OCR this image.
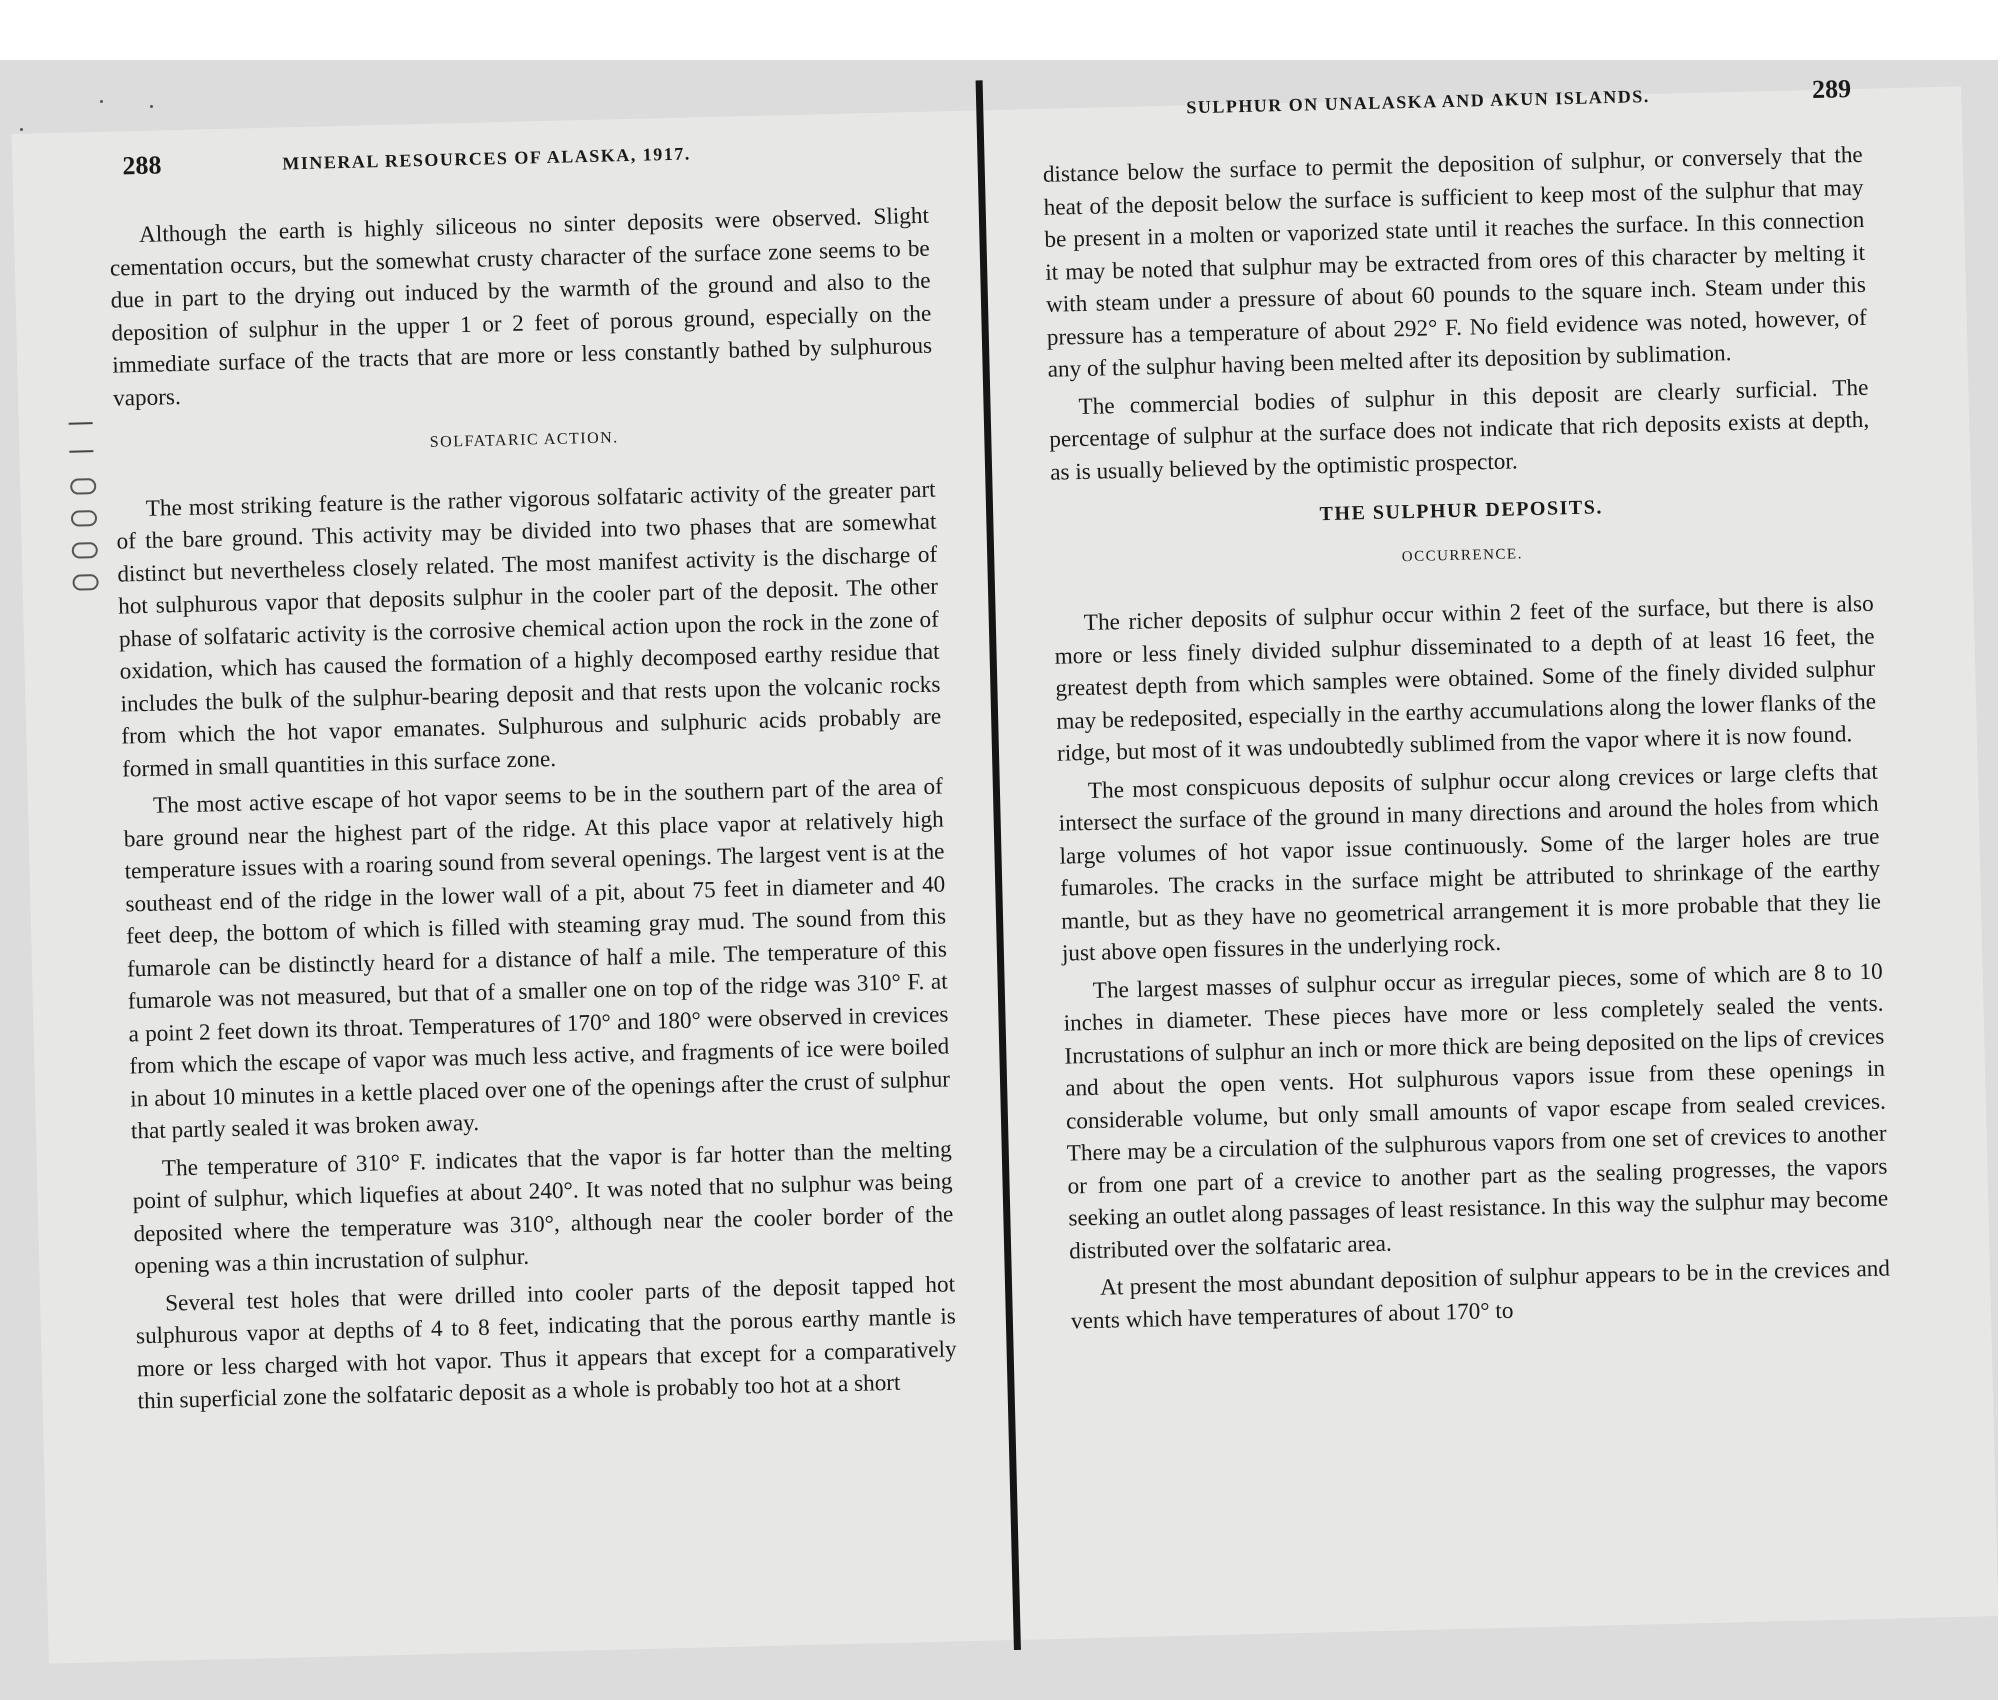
288	MINERAL RESOURCES OF ALASKA, 1917.

Although the earth is highly siliceous no sinter deposits were observed. Slight cementation occurs, but the somewhat crusty character of the surface zone seems to be due in part to the drying out induced by the warmth of the ground and also to the deposition of sulphur in the upper 1 or 2 feet of porous ground, especially on the immediate surface of the tracts that are more or less constantly bathed by sulphurous vapors.

SOLFATARIC ACTION.

The most striking feature is the rather vigorous solfataric activity of the greater part of the bare ground. This activity may be divided into two phases that are somewhat distinct but nevertheless closely related. The most manifest activity is the discharge of hot sulphurous vapor that deposits sulphur in the cooler part of the deposit. The other phase of solfataric activity is the corrosive chemical action upon the rock in the zone of oxidation, which has caused the formation of a highly decomposed earthy residue that includes the bulk of the sulphur-bearing deposit and that rests upon the volcanic rocks from which the hot vapor emanates. Sulphurous and sulphuric acids probably are formed in small quantities in this surface zone.

The most active escape of hot vapor seems to be in the southern part of the area of bare ground near the highest part of the ridge. At this place vapor at relatively high temperature issues with a roaring sound from several openings. The largest vent is at the southeast end of the ridge in the lower wall of a pit, about 75 feet in diameter and 40 feet deep, the bottom of which is filled with steaming gray mud. The sound from this fumarole can be distinctly heard for a distance of half a mile. The temperature of this fumarole was not measured, but that of a smaller one on top of the ridge was 310° F. at a point 2 feet down its throat. Temperatures of 170° and 180° were observed in crevices from which the escape of vapor was much less active, and fragments of ice were boiled in about 10 minutes in a kettle placed over one of the openings after the crust of sulphur that partly sealed it was broken away.

The temperature of 310° F. indicates that the vapor is far hotter than the melting point of sulphur, which liquefies at about 240°. It was noted that no sulphur was being deposited where the temperature was 310°, although near the cooler border of the opening was a thin incrustation of sulphur.

Several test holes that were drilled into cooler parts of the deposit tapped hot sulphurous vapor at depths of 4 to 8 feet, indicating that the porous earthy mantle is more or less charged with hot vapor. Thus it appears that except for a comparatively thin superficial zone the solfataric deposit as a whole is probably too hot at a short

SULPHUR ON UNALASKA AND AKUN ISLANDS.	289

distance below the surface to permit the deposition of sulphur, or conversely that the heat of the deposit below the surface is sufficient to keep most of the sulphur that may be present in a molten or vaporized state until it reaches the surface. In this connection it may be noted that sulphur may be extracted from ores of this character by melting it with steam under a pressure of about 60 pounds to the square inch. Steam under this pressure has a temperature of about 292° F. No field evidence was noted, however, of any of the sulphur having been melted after its deposition by sublimation.

The commercial bodies of sulphur in this deposit are clearly surficial. The percentage of sulphur at the surface does not indicate that rich deposits exists at depth, as is usually believed by the optimistic prospector.

THE SULPHUR DEPOSITS.
OCCURRENCE.

The richer deposits of sulphur occur within 2 feet of the surface, but there is also more or less finely divided sulphur disseminated to a depth of at least 16 feet, the greatest depth from which samples were obtained. Some of the finely divided sulphur may be redeposited, especially in the earthy accumulations along the lower flanks of the ridge, but most of it was undoubtedly sublimed from the vapor where it is now found.

The most conspicuous deposits of sulphur occur along crevices or large clefts that intersect the surface of the ground in many directions and around the holes from which large volumes of hot vapor issue continuously. Some of the larger holes are true fumaroles. The cracks in the surface might be attributed to shrinkage of the earthy mantle, but as they have no geometrical arrangement it is more probable that they lie just above open fissures in the underlying rock.

The largest masses of sulphur occur as irregular pieces, some of which are 8 to 10 inches in diameter. These pieces have more or less completely sealed the vents. Incrustations of sulphur an inch or more thick are being deposited on the lips of crevices and about the open vents. Hot sulphurous vapors issue from these openings in considerable volume, but only small amounts of vapor escape from sealed crevices. There may be a circulation of the sulphurous vapors from one set of crevices to another or from one part of a crevice to another part as the sealing progresses, the vapors seeking an outlet along passages of least resistance. In this way the sulphur may become distributed over the solfataric area.

At present the most abundant deposition of sulphur appears to be in the crevices and vents which have temperatures of about 170° to
